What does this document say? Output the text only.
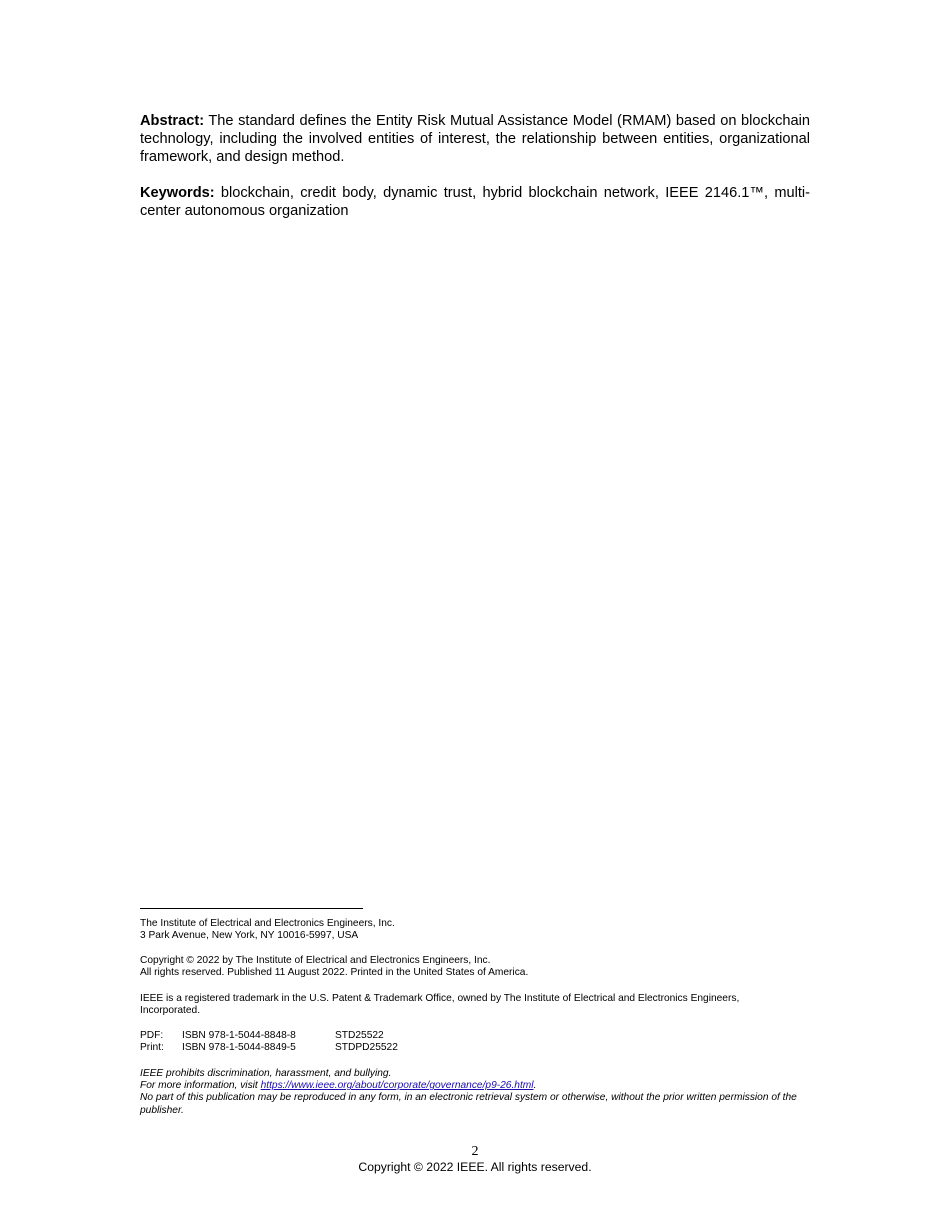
Abstract: The standard defines the Entity Risk Mutual Assistance Model (RMAM) based on blockchain technology, including the involved entities of interest, the relationship between entities, organizational framework, and design method.

Keywords: blockchain, credit body, dynamic trust, hybrid blockchain network, IEEE 2146.1™, multi-center autonomous organization

The Institute of Electrical and Electronics Engineers, Inc.

3 Park Avenue, New York, NY 10016-5997, USA

Copyright © 2022 by The Institute of Electrical and Electronics Engineers, Inc.

All rights reserved. Published 11 August 2022. Printed in the United States of America.

IEEE is a registered trademark in the U.S. Patent & Trademark Office, owned by The Institute of Electrical and Electronics Engineers, Incorporated.

PDF:	ISBN 978-1-5044-8848-8	STD25522
Print:	ISBN 978-1-5044-8849-5	STDPD25522

IEEE prohibits discrimination, harassment, and bullying.

For more information, visit https://www.ieee.org/about/corporate/governance/p9-26.html.

No part of this publication may be reproduced in any form, in an electronic retrieval system or otherwise, without the prior written permission of the publisher.

2
Copyright © 2022 IEEE. All rights reserved.
